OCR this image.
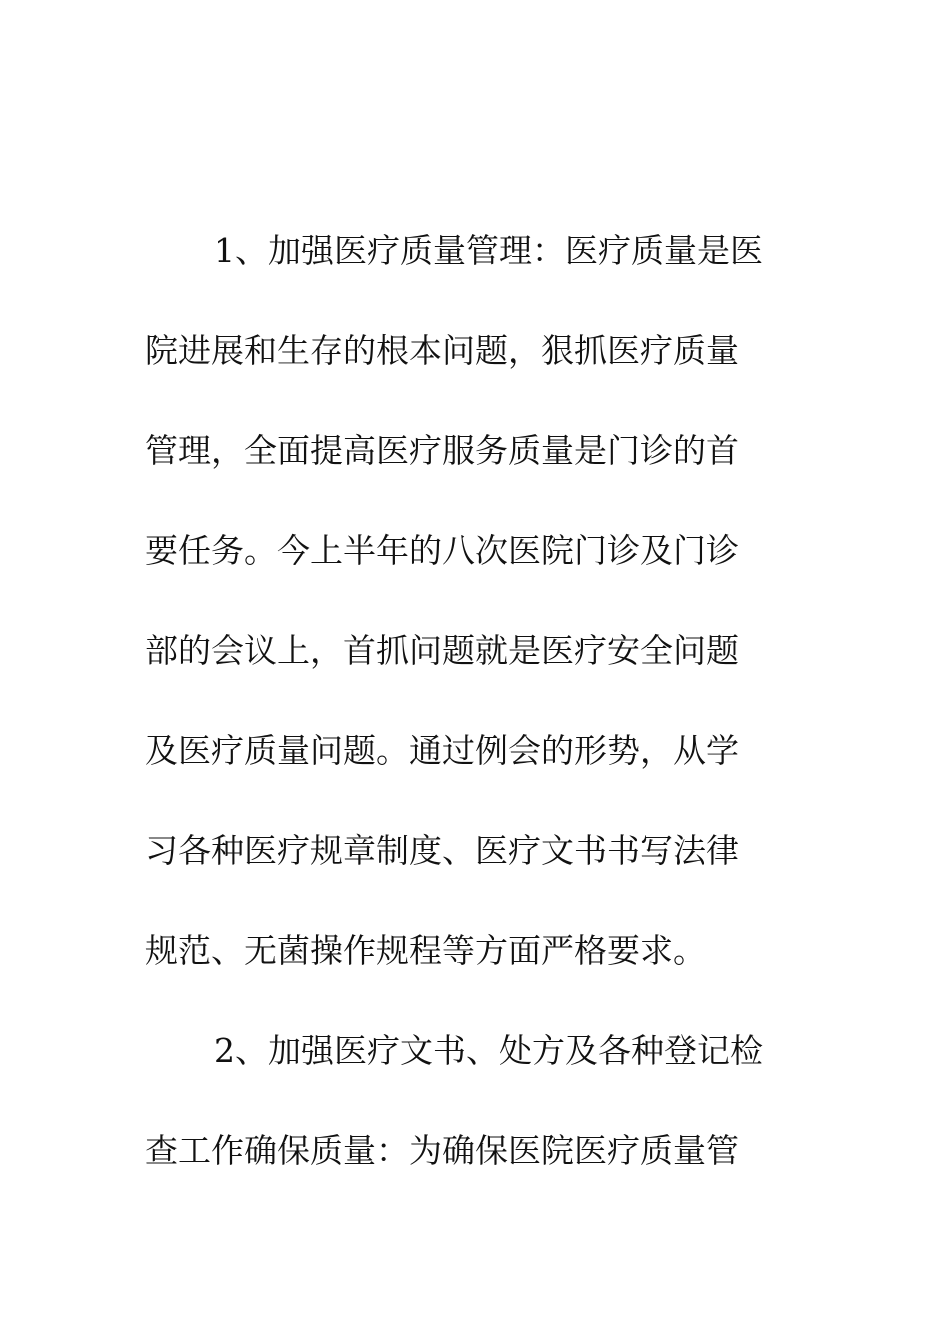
1、加强医疗质量管理：医疗质量是医
院进展和生存的根本问题，狠抓医疗质量
管理，全面提高医疗服务质量是门诊的首
要任务。今上半年的八次医院门诊及门诊
部的会议上，首抓问题就是医疗安全问题
及医疗质量问题。通过例会的形势，从学
习各种医疗规章制度、医疗文书书写法律
规范、无菌操作规程等方面严格要求。
2、加强医疗文书、处方及各种登记检
查工作确保质量：为确保医院医疗质量管
